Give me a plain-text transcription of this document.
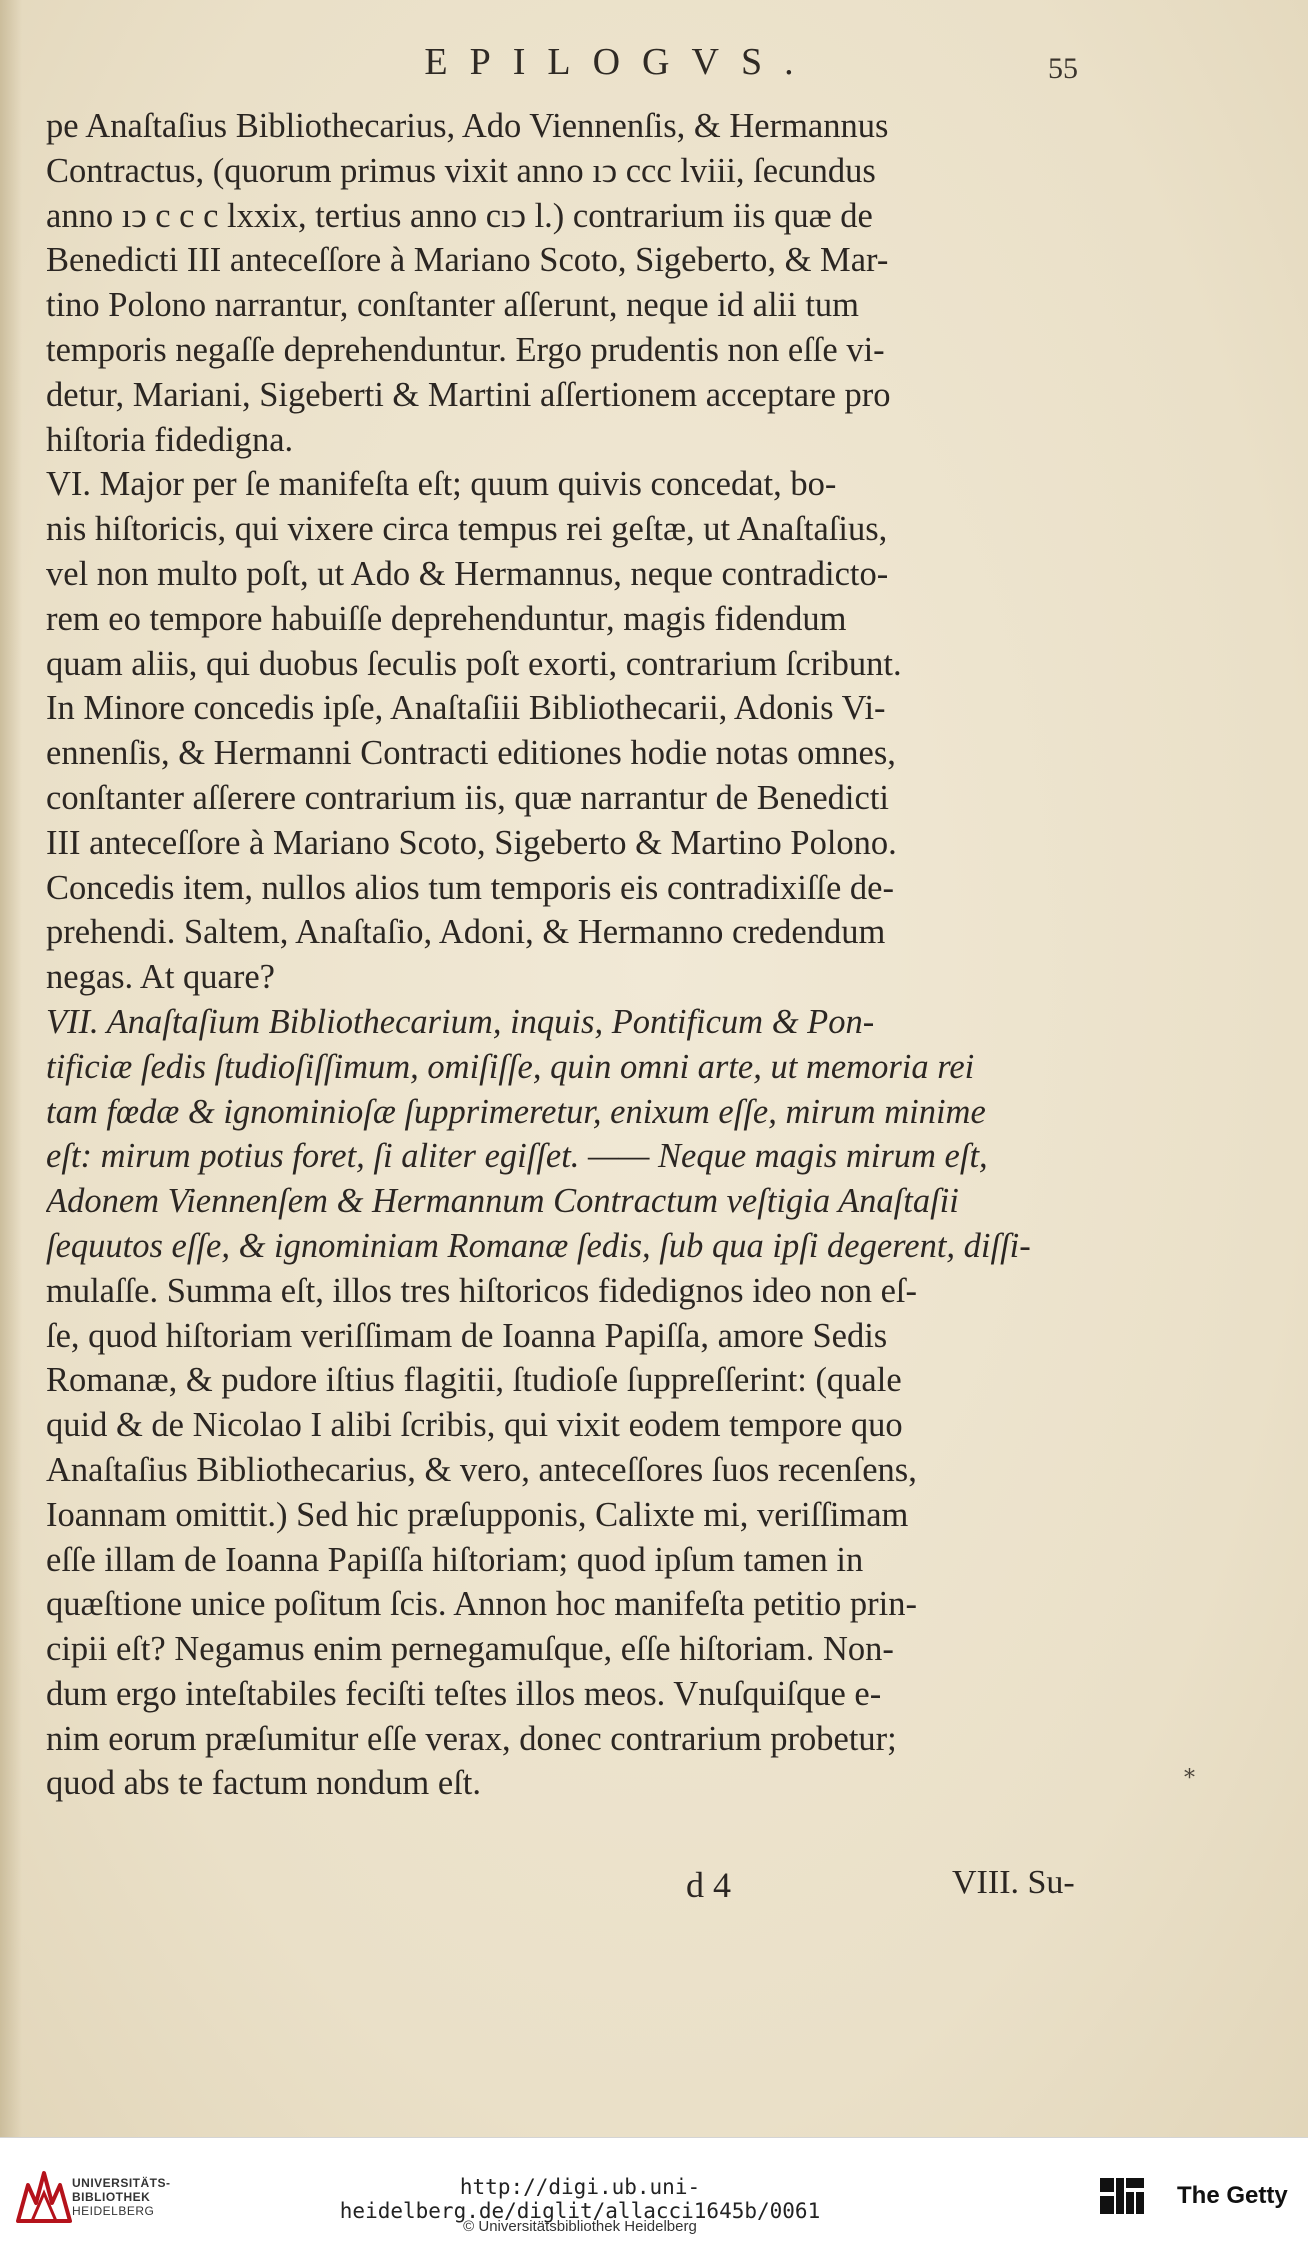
EPILOGVS.	55
pe Anaſtaſius Bibliothecarius, Ado Viennenſis, & Hermannus
Contractus, (quorum primus vixit anno ıↄ ccc lviii, ſecundus
anno ıↄ c c c lxxix, tertius anno cıↄ l.) contrarium iis quæ de
Benedicti III anteceſſore à Mariano Scoto, Sigeberto, & Mar-
tino Polono narrantur, conſtanter aſſerunt, neque id alii tum
temporis negaſſe deprehenduntur. Ergo prudentis non eſſe vi-
detur, Mariani, Sigeberti & Martini aſſertionem acceptare pro
hiſtoria fidedigna.
VI. Major per ſe manifeſta eſt; quum quivis concedat, bo-
nis hiſtoricis, qui vixere circa tempus rei geſtæ, ut Anaſtaſius,
vel non multo poſt, ut Ado & Hermannus, neque contradicto-
rem eo tempore habuiſſe deprehenduntur, magis fidendum
quam aliis, qui duobus ſeculis poſt exorti, contrarium ſcribunt.
In Minore concedis ipſe, Anaſtaſiii Bibliothecarii, Adonis Vi-
ennenſis, & Hermanni Contracti editiones hodie notas omnes,
conſtanter aſſerere contrarium iis, quæ narrantur de Benedicti
III anteceſſore à Mariano Scoto, Sigeberto & Martino Polono.
Concedis item, nullos alios tum temporis eis contradixiſſe de-
prehendi. Saltem, Anaſtaſio, Adoni, & Hermanno credendum
negas. At quare?
VII. Anaſtaſium Bibliothecarium, inquis, Pontificum & Pon-
tificiæ ſedis ſtudioſiſſimum, omiſiſſe, quin omni arte, ut memoria rei
tam fœdæ & ignominioſæ ſupprimeretur, enixum eſſe, mirum minime
eſt: mirum potius foret, ſi aliter egiſſet. —— Neque magis mirum eſt,
Adonem Viennenſem & Hermannum Contractum veſtigia Anaſtaſii
ſequutos eſſe, & ignominiam Romanæ ſedis, ſub qua ipſi degerent, diſſi-
mulaſſe. Summa eſt, illos tres hiſtoricos fidedignos ideo non eſ-
ſe, quod hiſtoriam veriſſimam de Ioanna Papiſſa, amore Sedis
Romanæ, & pudore iſtius flagitii, ſtudioſe ſuppreſſerint: (quale
quid & de Nicolao I alibi ſcribis, qui vixit eodem tempore quo
Anaſtaſius Bibliothecarius, & vero, anteceſſores ſuos recenſens,
Ioannam omittit.) Sed hic præſupponis, Calixte mi, veriſſimam
eſſe illam de Ioanna Papiſſa hiſtoriam; quod ipſum tamen in
quæſtione unice poſitum ſcis. Annon hoc manifeſta petitio prin-
cipii eſt? Negamus enim pernegamuſque, eſſe hiſtoriam. Non-
dum ergo inteſtabiles feciſti teſtes illos meos. Vnuſquiſque e-
nim eorum præſumitur eſſe verax, donec contrarium probetur;
quod abs te factum nondum eſt.	*
d 4	VIII. Su-
UNIVERSITÄTS-
BIBLIOTHEK
HEIDELBERG
http://digi.ub.uni-heidelberg.de/diglit/allacci1645b/0061
© Universitätsbibliothek Heidelberg
The Getty
